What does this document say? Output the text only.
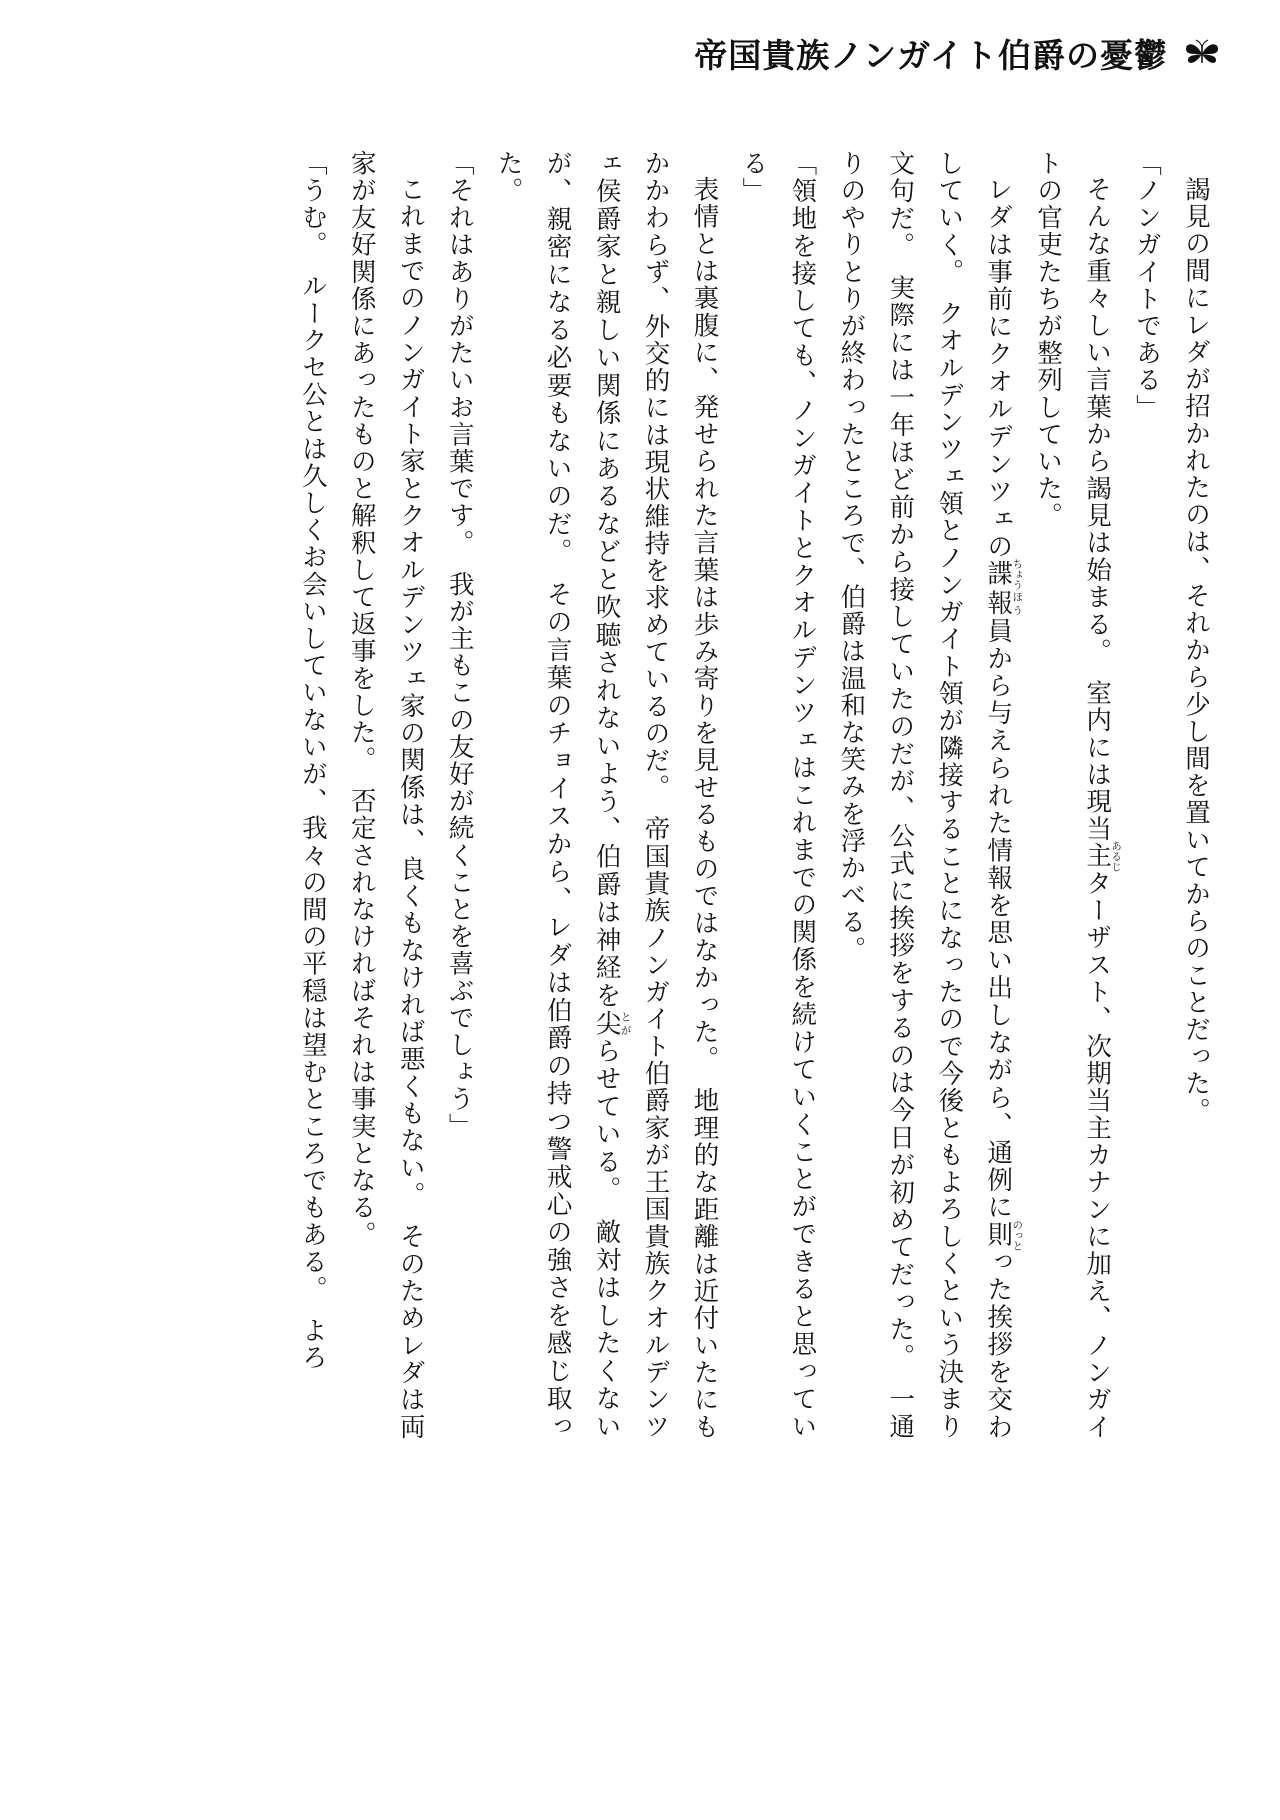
帝国貴族ノンガイト伯爵の憂鬱

謁見の間にレダが招かれたのは、それから少し間を置いてからのことだった。

「ノンガイトである」

そんな重々しい言葉から謁見は始まる。　室内には現当主あるじターザスト、次期当主カナンに加え、ノンガイトの官吏たちが整列していた。

レダは事前にクオルデンツェの諜ちょう報ほう員から与えられた情報を思い出しながら、通例に則のっとった挨拶を交わしていく。　クオルデンツェ領とノンガイト領が隣接することになったので今後ともよろしくという決まり文句だ。　実際には一年ほど前から接していたのだが、公式に挨拶をするのは今日が初めてだった。　一通りのやりとりが終わったところで、伯爵は温和な笑みを浮かべる。

「領地を接しても、ノンガイトとクオルデンツェはこれまでの関係を続けていくことができると思っている」

表情とは裏腹に、発せられた言葉は歩み寄りを見せるものではなかった。　地理的な距離は近付いたにもかかわらず、外交的には現状維持を求めているのだ。　帝国貴族ノンガイト伯爵家が王国貴族クオルデンツェ侯爵家と親しい関係にあるなどと吹聴されないよう、伯爵は神経を尖とがらせている。　敵対はしたくないが、親密になる必要もないのだ。　その言葉のチョイスから、レダは伯爵の持つ警戒心の強さを感じ取った。

「それはありがたいお言葉です。　我が主もこの友好が続くことを喜ぶでしょう」

これまでのノンガイト家とクオルデンツェ家の関係は、良くもなければ悪くもない。　そのためレダは両家が友好関係にあったものと解釈して返事をした。　否定されなければそれは事実となる。

「うむ。　ルークセ公とは久しくお会いしていないが、我々の間の平穏は望むところでもある。　よろ
